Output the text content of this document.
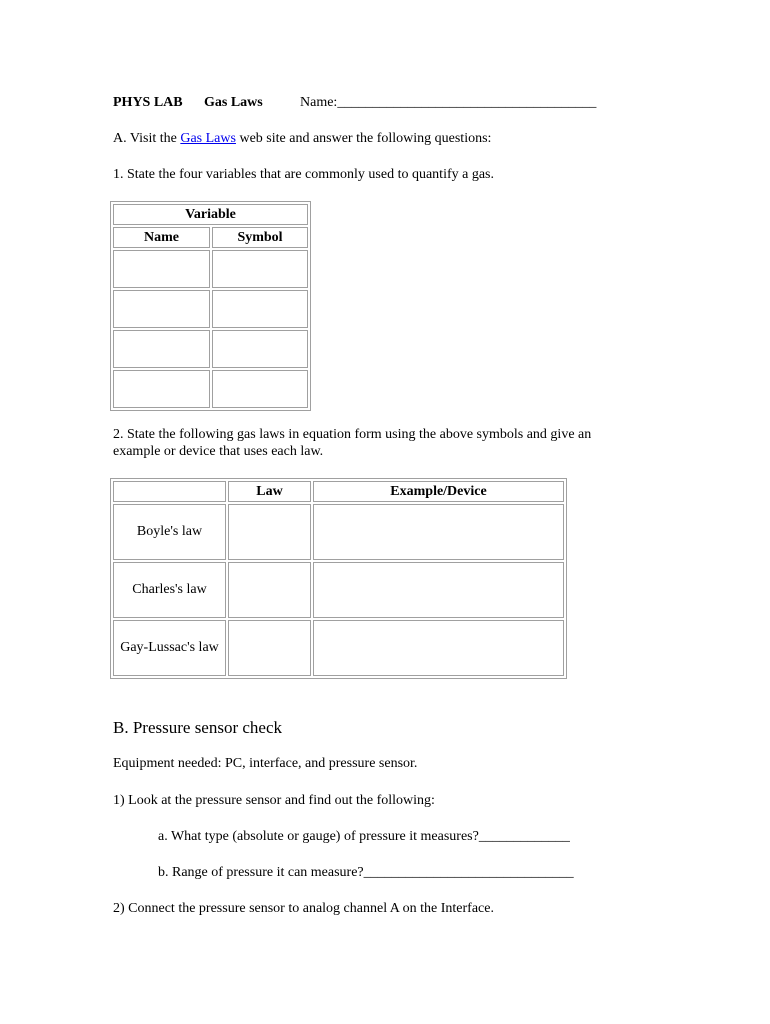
PHYS LAB Gas Laws	Name:_____________________________________
A. Visit the Gas Laws web site and answer the following questions:
1. State the four variables that are commonly used to quantify a gas.
Variable	
Name	Symbol

2. State the following gas laws in equation form using the above symbols and give an
example or device that uses each law.
	Law	Example/Device
Boyle's law		
Charles's law		
Gay-Lussac's law		
B. Pressure sensor check
Equipment needed: PC, interface, and pressure sensor.
1) Look at the pressure sensor and find out the following:
a. What type (absolute or gauge) of pressure it measures?_____________
b. Range of pressure it can measure?______________________________
2) Connect the pressure sensor to analog channel A on the Interface.
